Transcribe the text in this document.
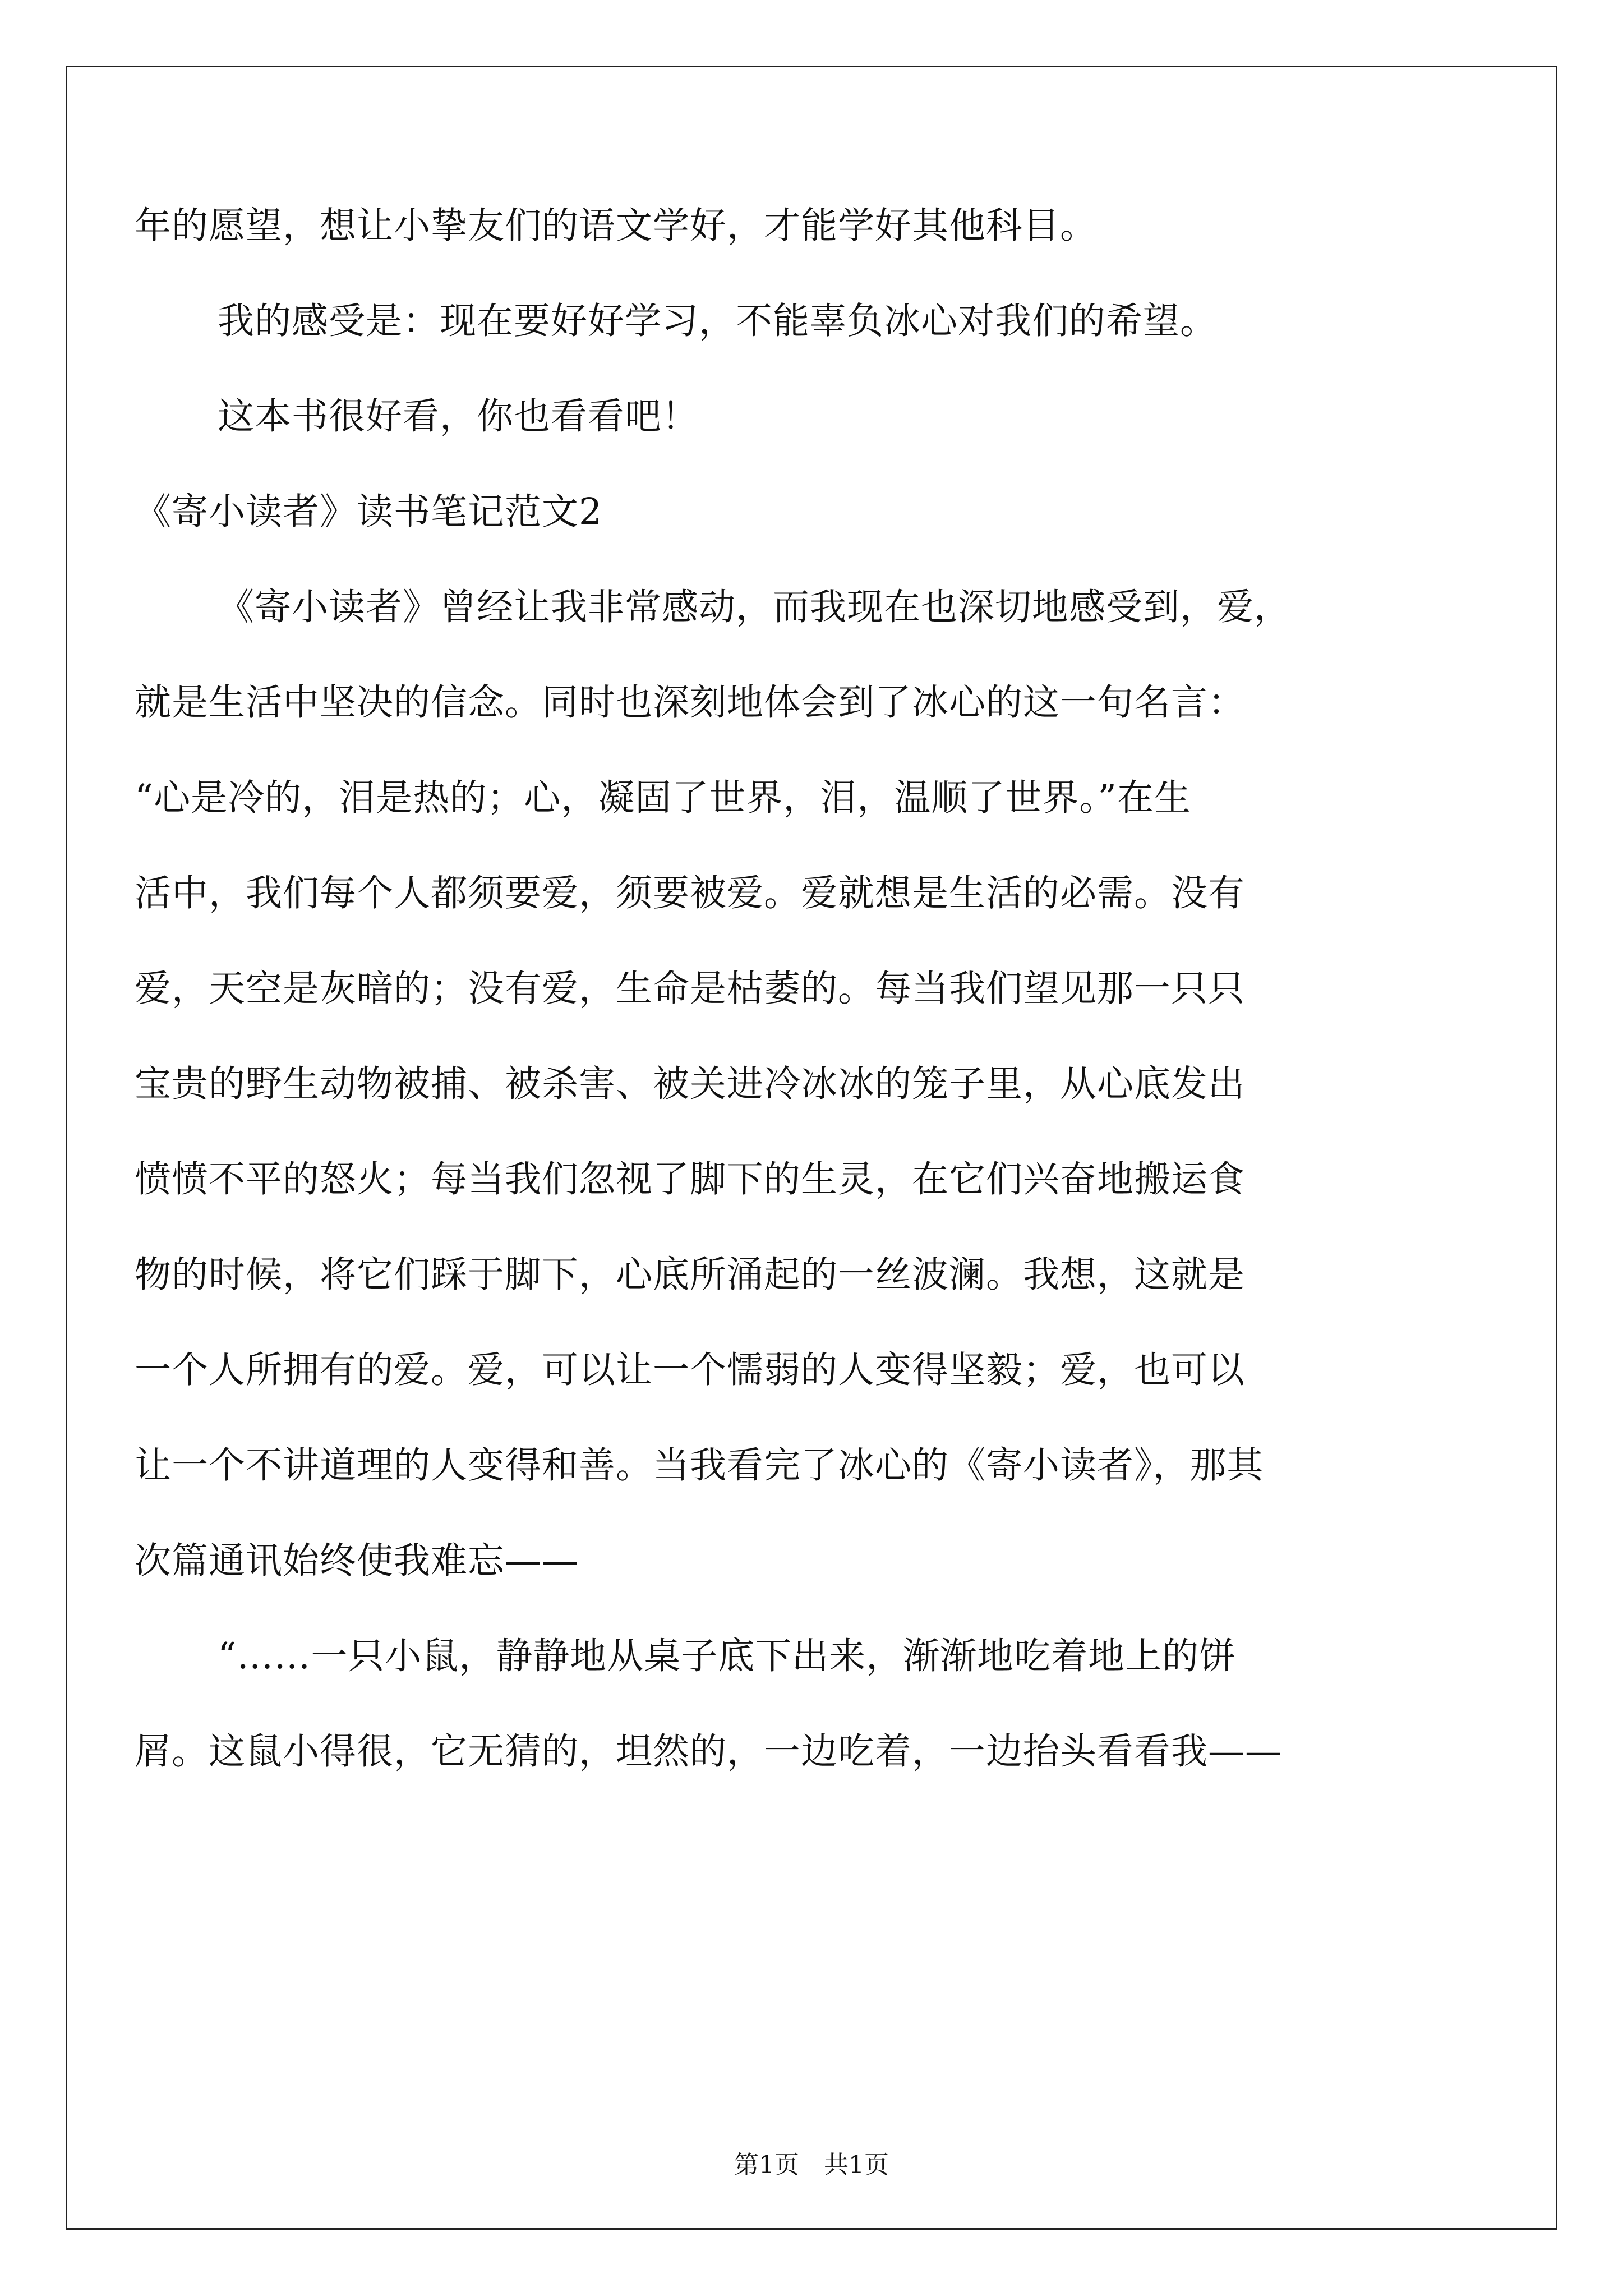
年的愿望，想让小挚友们的语文学好，才能学好其他科目。
我的感受是：现在要好好学习，不能辜负冰心对我们的希望。
这本书很好看，你也看看吧！
《寄小读者》读书笔记范文2
《寄小读者》曾经让我非常感动，而我现在也深切地感受到，爱，
就是生活中坚决的信念。同时也深刻地体会到了冰心的这一句名言：
“心是冷的，泪是热的；心，凝固了世界，泪，温顺了世界。”在生
活中，我们每个人都须要爱，须要被爱。爱就想是生活的必需。没有
爱，天空是灰暗的；没有爱，生命是枯萎的。每当我们望见那一只只
宝贵的野生动物被捕、被杀害、被关进冷冰冰的笼子里，从心底发出
愤愤不平的怒火；每当我们忽视了脚下的生灵，在它们兴奋地搬运食
物的时候，将它们踩于脚下，心底所涌起的一丝波澜。我想，这就是
一个人所拥有的爱。爱，可以让一个懦弱的人变得坚毅；爱，也可以
让一个不讲道理的人变得和善。当我看完了冰心的《寄小读者》，那其
次篇通讯始终使我难忘——
“……一只小鼠，静静地从桌子底下出来，渐渐地吃着地上的饼
屑。这鼠小得很，它无猜的，坦然的，一边吃着，一边抬头看看我——
第1页　共1页
